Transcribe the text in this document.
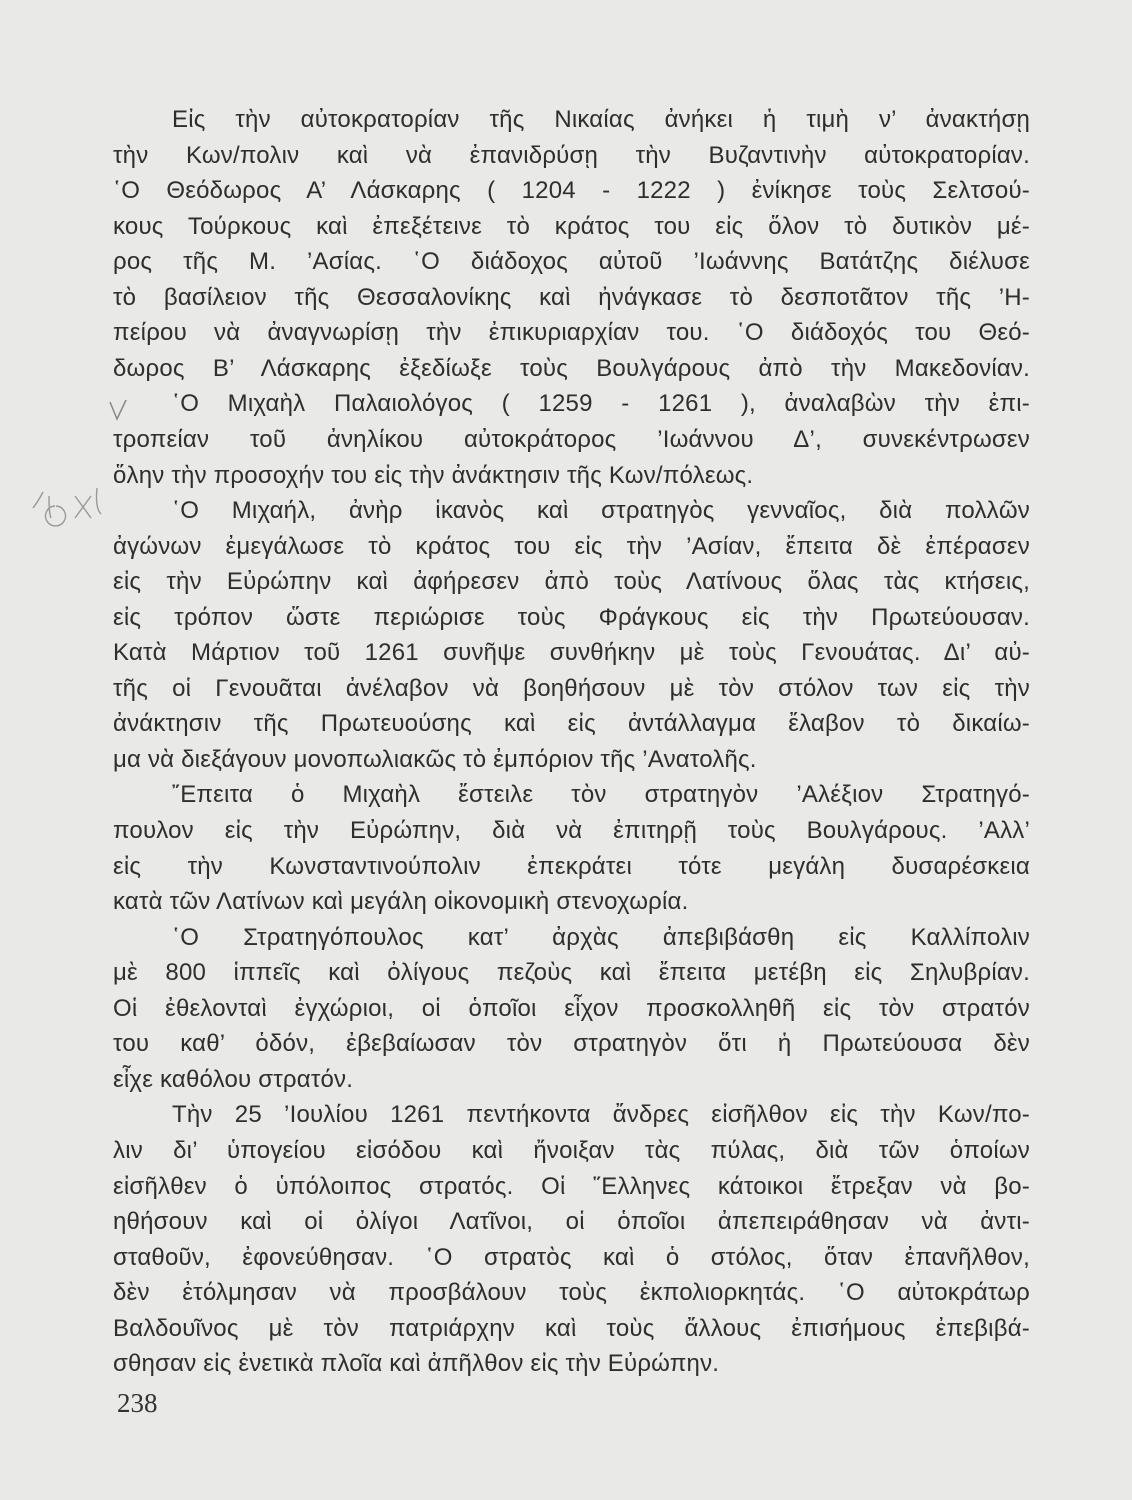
Εἰς τὴν αὐτοκρατορίαν τῆς Νικαίας ἀνήκει ἡ τιμὴ ν’ ἀνακτήσῃ
τὴν Κων/πολιν καὶ νὰ ἐπανιδρύσῃ τὴν Βυζαντινὴν αὐτοκρατορίαν.
῾Ο Θεόδωρος Α’ Λάσκαρης ( 1204 - 1222 ) ἐνίκησε τοὺς Σελτσού-
κους Τούρκους καὶ ἐπεξέτεινε τὸ κράτος του εἰς ὅλον τὸ δυτικὸν μέ-
ρος τῆς Μ. ’Ασίας. ῾Ο διάδοχος αὐτοῦ ’Ιωάννης Βατάτζης διέλυσε
τὸ βασίλειον τῆς Θεσσαλονίκης καὶ ἠνάγκασε τὸ δεσποτᾶτον τῆς ’Η-
πείρου νὰ ἀναγνωρίσῃ τὴν ἐπικυριαρχίαν του. ῾Ο διάδοχός του Θεό-
δωρος Β’ Λάσκαρης ἐξεδίωξε τοὺς Βουλγάρους ἀπὸ τὴν Μακεδονίαν.
῾Ο Μιχαὴλ Παλαιολόγος ( 1259 - 1261 ), ἀναλαβὼν τὴν ἐπι-
τροπείαν τοῦ ἀνηλίκου αὐτοκράτορος ’Ιωάννου Δ’, συνεκέντρωσεν
ὅλην τὴν προσοχήν του εἰς τὴν ἀνάκτησιν τῆς Κων/πόλεως.
῾Ο Μιχαήλ, ἀνὴρ ἱκανὸς καὶ στρατηγὸς γενναῖος, διὰ πολλῶν
ἀγώνων ἐμεγάλωσε τὸ κράτος του εἰς τὴν ’Ασίαν, ἔπειτα δὲ ἐπέρασεν
εἰς τὴν Εὐρώπην καὶ ἀφήρεσεν ἀπὸ τοὺς Λατίνους ὅλας τὰς κτήσεις,
εἰς τρόπον ὥστε περιώρισε τοὺς Φράγκους εἰς τὴν Πρωτεύουσαν.
Κατὰ Μάρτιον τοῦ 1261 συνῆψε συνθήκην μὲ τοὺς Γενουάτας. Δι’ αὐ-
τῆς οἱ Γενουᾶται ἀνέλαβον νὰ βοηθήσουν μὲ τὸν στόλον των εἰς τὴν
ἀνάκτησιν τῆς Πρωτευούσης καὶ εἰς ἀντάλλαγμα ἔλαβον τὸ δικαίω-
μα νὰ διεξάγουν μονοπωλιακῶς τὸ ἐμπόριον τῆς ’Ανατολῆς.
῎Επειτα ὁ Μιχαὴλ ἔστειλε τὸν στρατηγὸν ’Αλέξιον Στρατηγό-
πουλον εἰς τὴν Εὐρώπην, διὰ νὰ ἐπιτηρῇ τοὺς Βουλγάρους. ’Αλλ’
εἰς τὴν Κωνσταντινούπολιν ἐπεκράτει τότε μεγάλη δυσαρέσκεια
κατὰ τῶν Λατίνων καὶ μεγάλη οἰκονομικὴ στενοχωρία.
῾Ο Στρατηγόπουλος κατ’ ἀρχὰς ἀπεβιβάσθη εἰς Καλλίπολιν
μὲ 800 ἱππεῖς καὶ ὀλίγους πεζοὺς καὶ ἔπειτα μετέβη εἰς Σηλυβρίαν.
Οἱ ἐθελονταὶ ἐγχώριοι, οἱ ὁποῖοι εἶχον προσκολληθῆ εἰς τὸν στρατόν
του καθ’ ὁδόν, ἐβεβαίωσαν τὸν στρατηγὸν ὅτι ἡ Πρωτεύουσα δὲν
εἶχε καθόλου στρατόν.
Τὴν 25 ’Ιουλίου 1261 πεντήκοντα ἄνδρες εἰσῆλθον εἰς τὴν Κων/πο-
λιν δι’ ὑπογείου εἰσόδου καὶ ἤνοιξαν τὰς πύλας, διὰ τῶν ὁποίων
εἰσῆλθεν ὁ ὑπόλοιπος στρατός. Οἱ ῞Ελληνες κάτοικοι ἔτρεξαν νὰ βο-
ηθήσουν καὶ οἱ ὀλίγοι Λατῖνοι, οἱ ὁποῖοι ἀπεπειράθησαν νὰ ἀντι-
σταθοῦν, ἐφονεύθησαν. ῾Ο στρατὸς καὶ ὁ στόλος, ὅταν ἐπανῆλθον,
δὲν ἐτόλμησαν νὰ προσβάλουν τοὺς ἐκπολιορκητάς. ῾Ο αὐτοκράτωρ
Βαλδουῖνος μὲ τὸν πατριάρχην καὶ τοὺς ἄλλους ἐπισήμους ἐπεβιβά-
σθησαν εἰς ἐνετικὰ πλοῖα καὶ ἀπῆλθον εἰς τὴν Εὐρώπην.
238
